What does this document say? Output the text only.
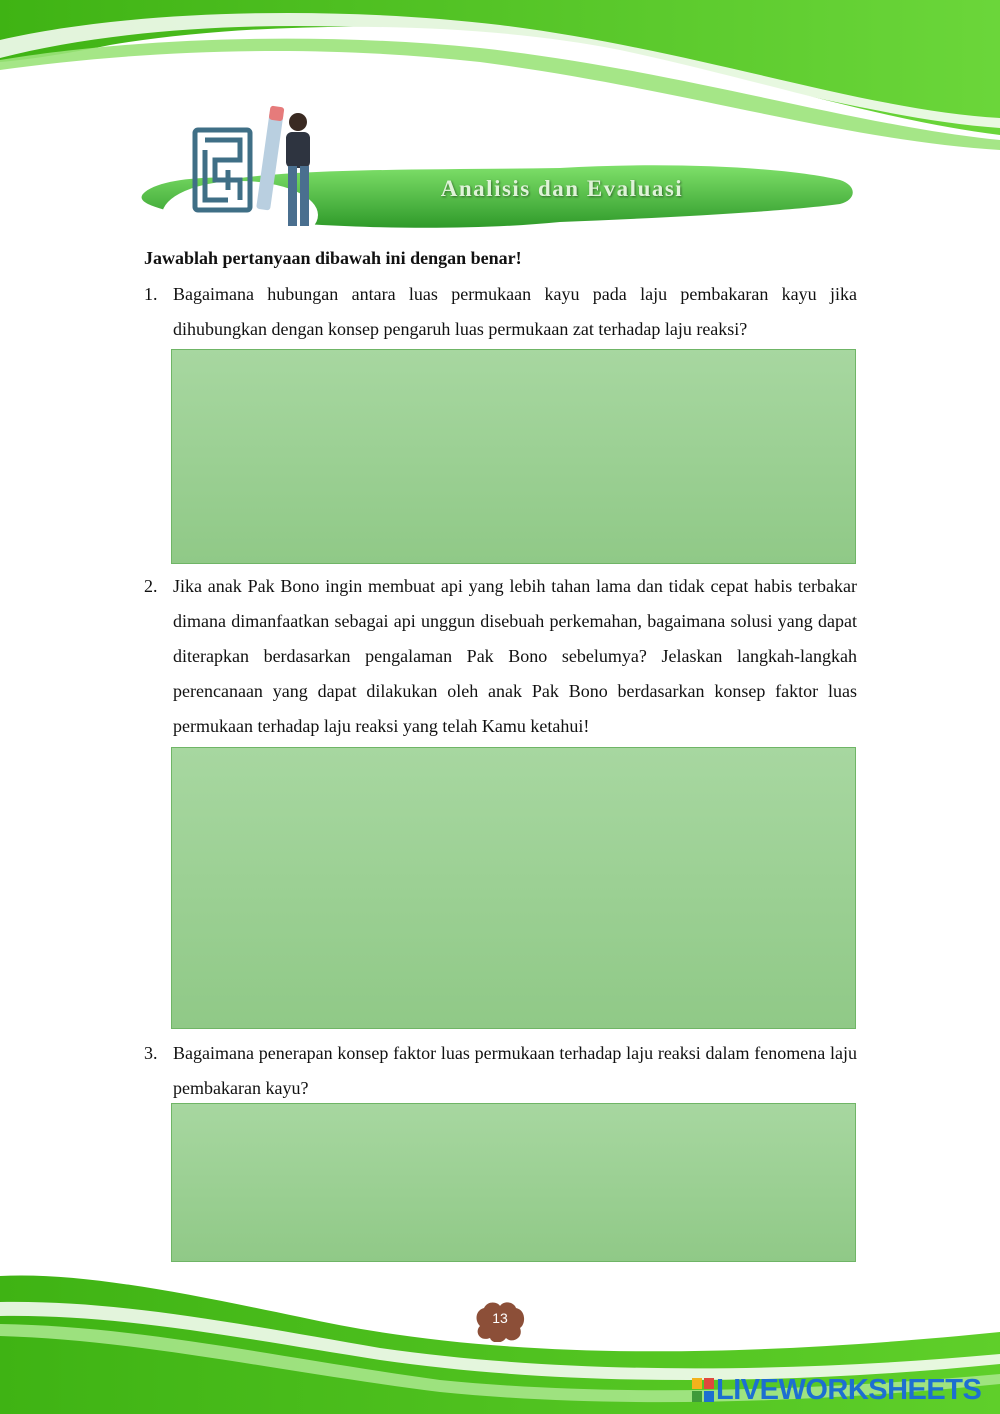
Analisis dan Evaluasi
Jawablah pertanyaan dibawah ini dengan benar!
1. Bagaimana hubungan antara luas permukaan kayu pada laju pembakaran kayu jika dihubungkan dengan konsep pengaruh luas permukaan zat terhadap laju reaksi?
2. Jika anak Pak Bono ingin membuat api yang lebih tahan lama dan tidak cepat habis terbakar dimana dimanfaatkan sebagai api unggun disebuah perkemahan, bagaimana solusi yang dapat diterapkan berdasarkan pengalaman Pak Bono sebelumya? Jelaskan langkah-langkah perencanaan yang dapat dilakukan oleh anak Pak Bono berdasarkan konsep faktor luas permukaan terhadap laju reaksi yang telah Kamu ketahui!
3. Bagaimana penerapan konsep faktor luas permukaan terhadap laju reaksi dalam fenomena laju pembakaran kayu?
13
LIVEWORKSHEETS
